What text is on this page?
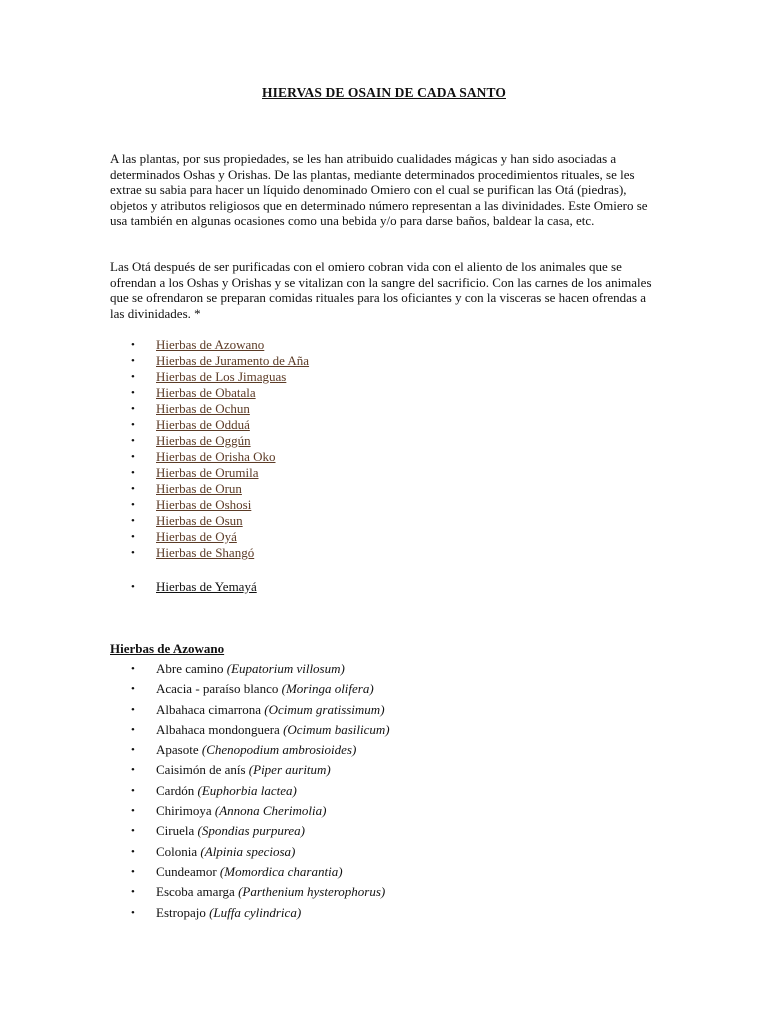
HIERVAS DE OSAIN DE CADA SANTO
A las plantas, por sus propiedades, se les han atribuido cualidades mágicas y han sido asociadas a determinados Oshas y Orishas. De las plantas, mediante determinados procedimientos rituales, se les extrae su sabia para hacer un líquido denominado Omiero con el cual se purifican las Otá (piedras), objetos y atributos religiosos que en determinado número representan a las divinidades. Este Omiero se usa también en algunas ocasiones como una bebida y/o para darse baños, baldear la casa, etc.
Las Otá después de ser purificadas con el omiero cobran vida con el aliento de los animales que se ofrendan a los Oshas y Orishas y se vitalizan con la sangre del sacrificio. Con las carnes de los animales que se ofrendaron se preparan comidas rituales para los oficiantes y con la visceras se hacen ofrendas a las divinidades. *
• Hierbas de Azowano
• Hierbas de Juramento de Aña
• Hierbas de Los Jimaguas
• Hierbas de Obatala
• Hierbas de Ochun
• Hierbas de Odduá
• Hierbas de Oggún
• Hierbas de Orisha Oko
• Hierbas de Orumila
• Hierbas de Orun
• Hierbas de Oshosi
• Hierbas de Osun
• Hierbas de Oyá
• Hierbas de Shangó
• Hierbas de Yemayá
Hierbas de Azowano
• Abre camino (Eupatorium villosum)
• Acacia - paraíso blanco (Moringa olifera)
• Albahaca cimarrona (Ocimum gratissimum)
• Albahaca mondonguera (Ocimum basilicum)
• Apasote (Chenopodium ambrosioides)
• Caisimón de anís (Piper auritum)
• Cardón (Euphorbia lactea)
• Chirimoya (Annona Cherimolia)
• Ciruela (Spondias purpurea)
• Colonia (Alpinia speciosa)
• Cundeamor (Momordica charantia)
• Escoba amarga (Parthenium hysterophorus)
• Estropajo (Luffa cylindrica)
